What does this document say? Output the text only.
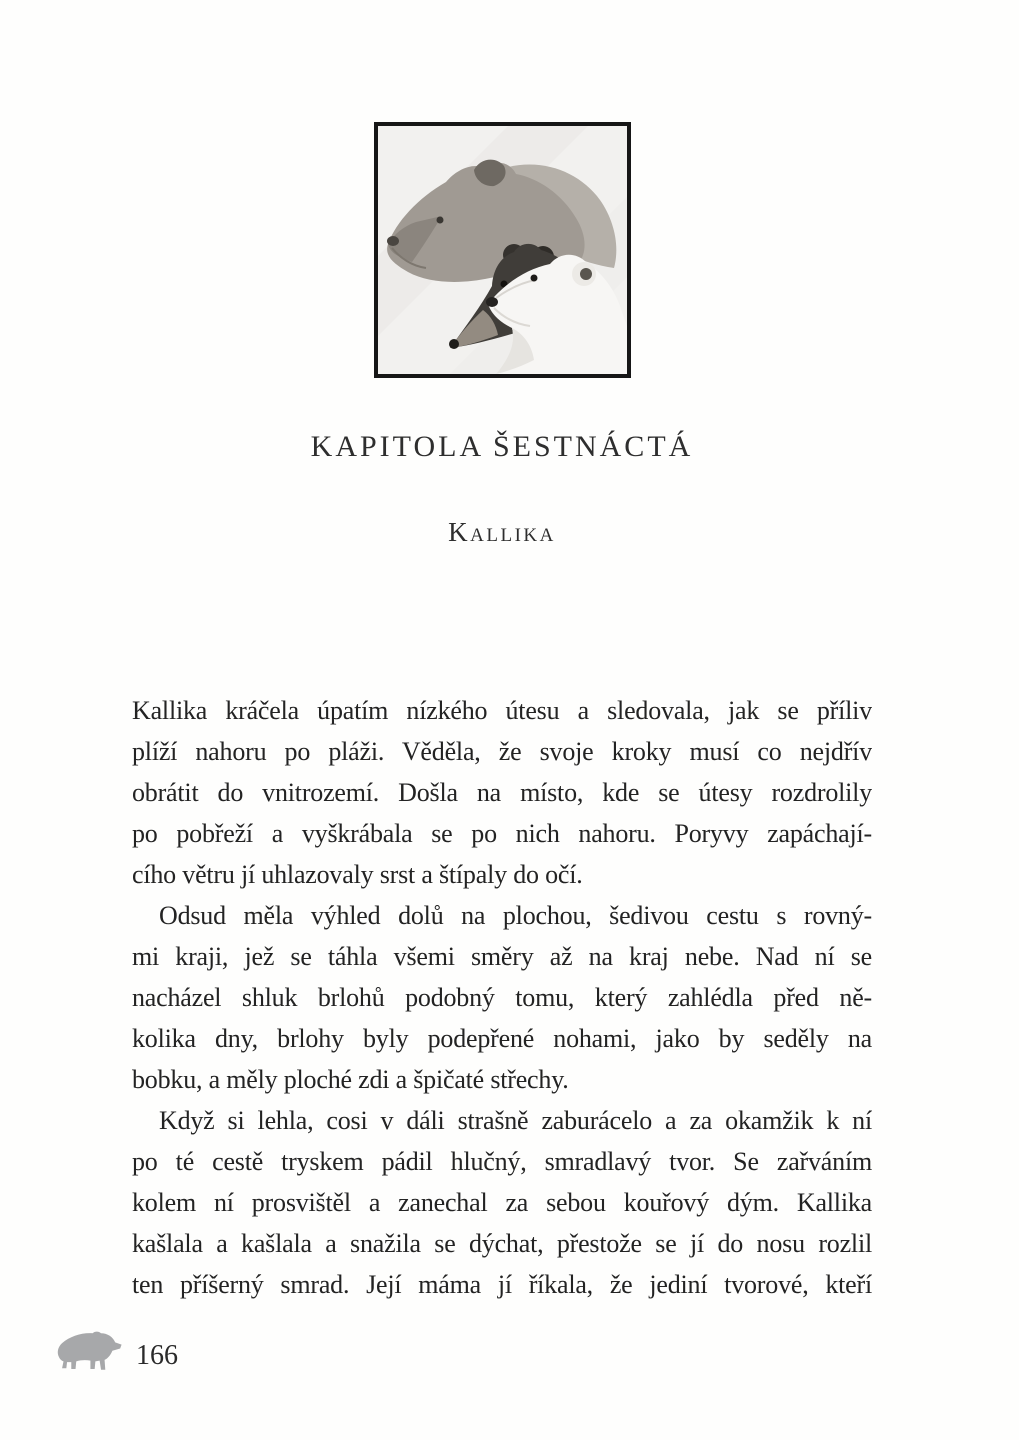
KAPITOLA ŠESTNÁCTÁ
Kallika

Kallika kráčela úpatím nízkého útesu a sledovala, jak se příliv
plíží nahoru po pláži. Věděla, že svoje kroky musí co nejdřív
obrátit do vnitrozemí. Došla na místo, kde se útesy rozdrolily
po pobřeží a vyškrábala se po nich nahoru. Poryvy zapáchají-
cího větru jí uhlazovaly srst a štípaly do očí.

Odsud měla výhled dolů na plochou, šedivou cestu s rovný-
mi kraji, jež se táhla všemi směry až na kraj nebe. Nad ní se
nacházel shluk brlohů podobný tomu, který zahlédla před ně-
kolika dny, brlohy byly podepřené nohami, jako by seděly na
bobku, a měly ploché zdi a špičaté střechy.

Když si lehla, cosi v dáli strašně zaburácelo a za okamžik k ní
po té cestě tryskem pádil hlučný, smradlavý tvor. Se zařváním
kolem ní prosvištěl a zanechal za sebou kouřový dým. Kallika
kašlala a kašlala a snažila se dýchat, přestože se jí do nosu rozlil
ten příšerný smrad. Její máma jí říkala, že jediní tvorové, kteří

166
